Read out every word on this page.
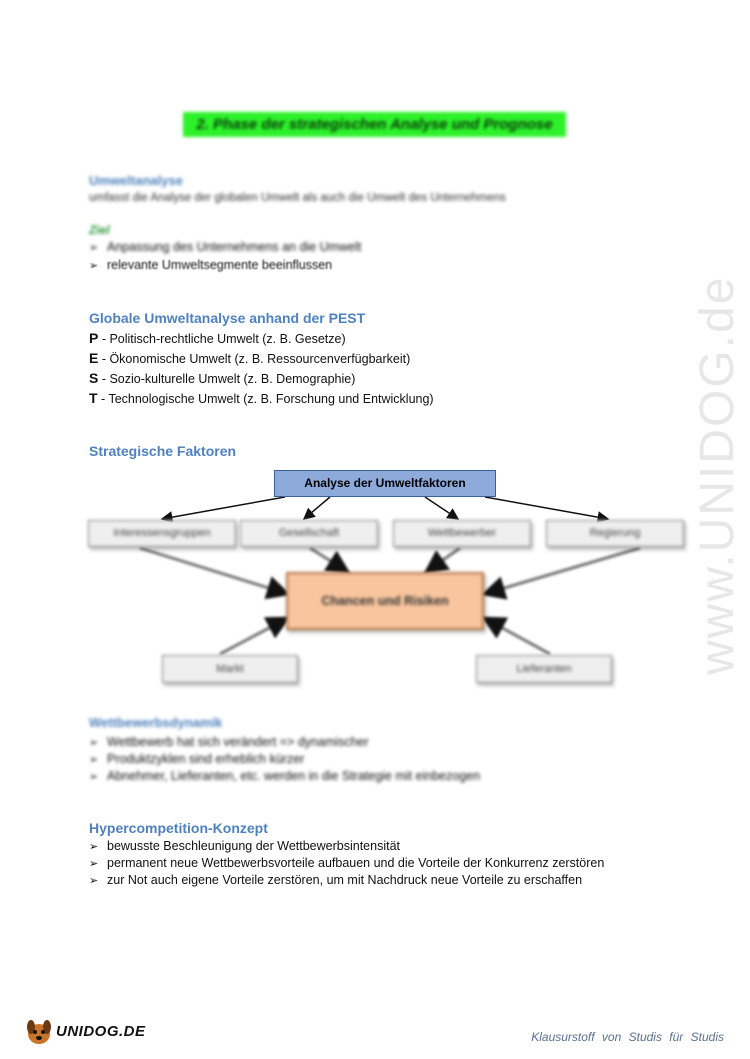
2. Phase der strategischen Analyse und Prognose
Umweltanalyse
umfasst die Analyse der globalen Umwelt als auch die Umwelt des Unternehmens
Ziel
➢ Anpassung des Unternehmens an die Umwelt
➢ relevante Umweltsegmente beeinflussen
Globale Umweltanalyse anhand der PEST
P - Politisch-rechtliche Umwelt (z. B. Gesetze)
E - Ökonomische Umwelt (z. B. Ressourcenverfügbarkeit)
S - Sozio-kulturelle Umwelt (z. B. Demographie)
T - Technologische Umwelt (z. B. Forschung und Entwicklung)
Strategische Faktoren	www.UNIDOG.de
Analyse der Umweltfaktoren
Interessensgruppen	Gesellschaft	Wettbewerber	Regierung
Chancen und Risiken
Markt	Lieferanten
Wettbewerbsdynamik
➢ Wettbewerb hat sich verändert => dynamischer
➢ Produktzyklen sind erheblich kürzer
➢ Abnehmer, Lieferanten, etc. werden in die Strategie mit einbezogen
Hypercompetition-Konzept
➢ bewusste Beschleunigung der Wettbewerbsintensität
➢ permanent neue Wettbewerbsvorteile aufbauen und die Vorteile der Konkurrenz zerstören
➢ zur Not auch eigene Vorteile zerstören, um mit Nachdruck neue Vorteile zu erschaffen
UNIDOG.DE	Klausurstoff von Studis für Studis
